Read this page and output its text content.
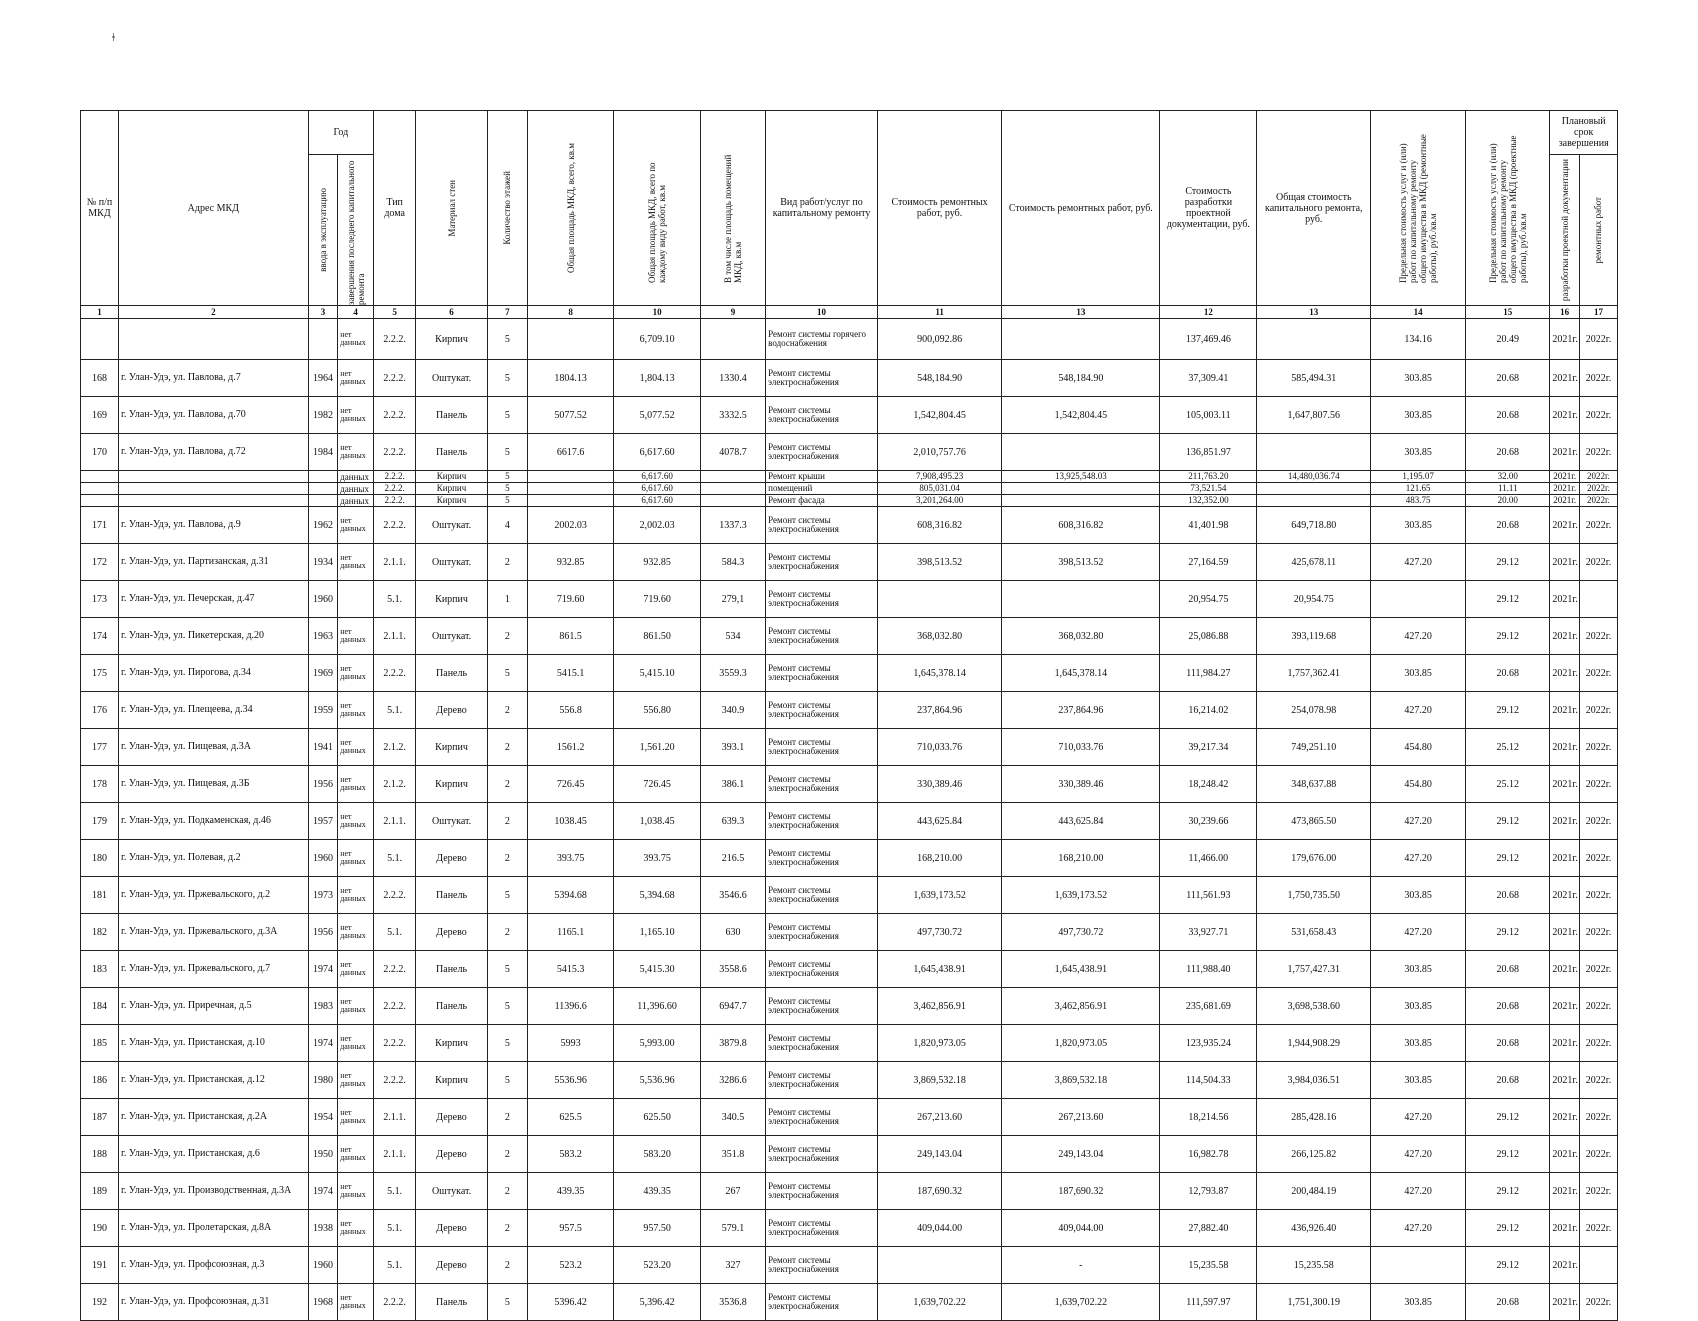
ǂ
№ п/п МКД	Адрес МКД	Год		Тип дома	Материал стен	Количество этажей	Общая площадь МКД, всего, кв.м	Общая площадь МКД, всего по каждому виду работ, кв.м	В том числе площадь помещений МКД, кв.м	Вид работ/услуг по капитальному ремонту	Стоимость ремонтных работ, руб.	Стоимость ремонтных работ, руб.	Стоимость разработки проектной документации, руб.	Общая стоимость капитального ремонта, руб.	Предельная стоимость услуг и (или) работ по капитальному ремонту общего имущества в МКД (ремонтные работы), руб./кв.м	Предельная стоимость услуг и (или) работ по капитальному ремонту общего имущества в МКД (проектные работы), руб./кв.м	Плановый срок завершения	

		ввода в эксплуатацию	завершения последнего капитального ремонта														разработки проектной документации	ремонтных работ

1	2	3	4	5	6	7	8	10	9	10	11	13	12	13	14	15	16	17
			нет данных	2.2.2.	Кирпич	5		6,709.10		Ремонт системы горячего водоснабжения	900,092.86		137,469.46		134.16	20.49	2021г.	2022г.
168	г. Улан-Удэ, ул. Павлова, д.7	1964	нет данных	2.2.2.	Оштукат.	5	1804.13	1,804.13	1330.4	Ремонт системы электроснабжения	548,184.90	548,184.90	37,309.41	585,494.31	303.85	20.68	2021г.	2022г.
169	г. Улан-Удэ, ул. Павлова, д.70	1982	нет данных	2.2.2.	Панель	5	5077.52	5,077.52	3332.5	Ремонт системы электроснабжения	1,542,804.45	1,542,804.45	105,003.11	1,647,807.56	303.85	20.68	2021г.	2022г.
170	г. Улан-Удэ, ул. Павлова, д.72	1984	нет данных	2.2.2.	Панель	5	6617.6	6,617.60	4078.7	Ремонт системы электроснабжения	2,010,757.76		136,851.97		303.85	20.68	2021г.	2022г.
			данных	2.2.2.	Кирпич	5		6,617.60		Ремонт крыши	7,908,495.23	13,925,548.03	211,763.20	14,480,036.74	1,195.07	32.00	2021г.	2022г.
			данных	2.2.2.	Кирпич	5		6,617.60		помещений	805,031.04		73,521.54		121.65	11.11	2021г.	2022г.
			данных	2.2.2.	Кирпич	5		6,617.60		Ремонт фасада	3,201,264.00		132,352.00		483.75	20.00	2021г.	2022г.
171	г. Улан-Удэ, ул. Павлова, д.9	1962	нет данных	2.2.2.	Оштукат.	4	2002.03	2,002.03	1337.3	Ремонт системы электроснабжения	608,316.82	608,316.82	41,401.98	649,718.80	303.85	20.68	2021г.	2022г.
172	г. Улан-Удэ, ул. Партизанская, д.31	1934	нет данных	2.1.1.	Оштукат.	2	932.85	932.85	584.3	Ремонт системы электроснабжения	398,513.52	398,513.52	27,164.59	425,678.11	427.20	29.12	2021г.	2022г.
173	г. Улан-Удэ, ул. Печерская, д.47	1960		5.1.	Кирпич	1	719.60	719.60	279,1	Ремонт системы электроснабжения			20,954.75	20,954.75		29.12	2021г.	
174	г. Улан-Удэ, ул. Пикетерская, д.20	1963	нет данных	2.1.1.	Оштукат.	2	861.5	861.50	534	Ремонт системы электроснабжения	368,032.80	368,032.80	25,086.88	393,119.68	427.20	29.12	2021г.	2022г.
175	г. Улан-Удэ, ул. Пирогова, д.34	1969	нет данных	2.2.2.	Панель	5	5415.1	5,415.10	3559.3	Ремонт системы электроснабжения	1,645,378.14	1,645,378.14	111,984.27	1,757,362.41	303.85	20.68	2021г.	2022г.
176	г. Улан-Удэ, ул. Плещеева, д.34	1959	нет данных	5.1.	Дерево	2	556.8	556.80	340.9	Ремонт системы электроснабжения	237,864.96	237,864.96	16,214.02	254,078.98	427.20	29.12	2021г.	2022г.
177	г. Улан-Удэ, ул. Пищевая, д.3А	1941	нет данных	2.1.2.	Кирпич	2	1561.2	1,561.20	393.1	Ремонт системы электроснабжения	710,033.76	710,033.76	39,217.34	749,251.10	454.80	25.12	2021г.	2022г.
178	г. Улан-Удэ, ул. Пищевая, д.3Б	1956	нет данных	2.1.2.	Кирпич	2	726.45	726.45	386.1	Ремонт системы электроснабжения	330,389.46	330,389.46	18,248.42	348,637.88	454.80	25.12	2021г.	2022г.
179	г. Улан-Удэ, ул. Подкаменская, д.46	1957	нет данных	2.1.1.	Оштукат.	2	1038.45	1,038.45	639.3	Ремонт системы электроснабжения	443,625.84	443,625.84	30,239.66	473,865.50	427.20	29.12	2021г.	2022г.
180	г. Улан-Удэ, ул. Полевая, д.2	1960	нет данных	5.1.	Дерево	2	393.75	393.75	216.5	Ремонт системы электроснабжения	168,210.00	168,210.00	11,466.00	179,676.00	427.20	29.12	2021г.	2022г.
181	г. Улан-Удэ, ул. Пржевальского, д.2	1973	нет данных	2.2.2.	Панель	5	5394.68	5,394.68	3546.6	Ремонт системы электроснабжения	1,639,173.52	1,639,173.52	111,561.93	1,750,735.50	303.85	20.68	2021г.	2022г.
182	г. Улан-Удэ, ул. Пржевальского, д.3А	1956	нет данных	5.1.	Дерево	2	1165.1	1,165.10	630	Ремонт системы электроснабжения	497,730.72	497,730.72	33,927.71	531,658.43	427.20	29.12	2021г.	2022г.
183	г. Улан-Удэ, ул. Пржевальского, д.7	1974	нет данных	2.2.2.	Панель	5	5415.3	5,415.30	3558.6	Ремонт системы электроснабжения	1,645,438.91	1,645,438.91	111,988.40	1,757,427.31	303.85	20.68	2021г.	2022г.
184	г. Улан-Удэ, ул. Приречная, д.5	1983	нет данных	2.2.2.	Панель	5	11396.6	11,396.60	6947.7	Ремонт системы электроснабжения	3,462,856.91	3,462,856.91	235,681.69	3,698,538.60	303.85	20.68	2021г.	2022г.
185	г. Улан-Удэ, ул. Пристанская, д.10	1974	нет данных	2.2.2.	Кирпич	5	5993	5,993.00	3879.8	Ремонт системы электроснабжения	1,820,973.05	1,820,973.05	123,935.24	1,944,908.29	303.85	20.68	2021г.	2022г.
186	г. Улан-Удэ, ул. Пристанская, д.12	1980	нет данных	2.2.2.	Кирпич	5	5536.96	5,536.96	3286.6	Ремонт системы электроснабжения	3,869,532.18	3,869,532.18	114,504.33	3,984,036.51	303.85	20.68	2021г.	2022г.
187	г. Улан-Удэ, ул. Пристанская, д.2А	1954	нет данных	2.1.1.	Дерево	2	625.5	625.50	340.5	Ремонт системы электроснабжения	267,213.60	267,213.60	18,214.56	285,428.16	427.20	29.12	2021г.	2022г.
188	г. Улан-Удэ, ул. Пристанская, д.6	1950	нет данных	2.1.1.	Дерево	2	583.2	583.20	351.8	Ремонт системы электроснабжения	249,143.04	249,143.04	16,982.78	266,125.82	427.20	29.12	2021г.	2022г.
189	г. Улан-Удэ, ул. Производственная, д.3А	1974	нет данных	5.1.	Оштукат.	2	439.35	439.35	267	Ремонт системы электроснабжения	187,690.32	187,690.32	12,793.87	200,484.19	427.20	29.12	2021г.	2022г.
190	г. Улан-Удэ, ул. Пролетарская, д.8А	1938	нет данных	5.1.	Дерево	2	957.5	957.50	579.1	Ремонт системы электроснабжения	409,044.00	409,044.00	27,882.40	436,926.40	427.20	29.12	2021г.	2022г.
191	г. Улан-Удэ, ул. Профсоюзная, д.3	1960		5.1.	Дерево	2	523.2	523.20	327	Ремонт системы электроснабжения		-	15,235.58	15,235.58		29.12	2021г.	
192	г. Улан-Удэ, ул. Профсоюзная, д.31	1968	нет данных	2.2.2.	Панель	5	5396.42	5,396.42	3536.8	Ремонт системы электроснабжения	1,639,702.22	1,639,702.22	111,597.97	1,751,300.19	303.85	20.68	2021г.	2022г.
